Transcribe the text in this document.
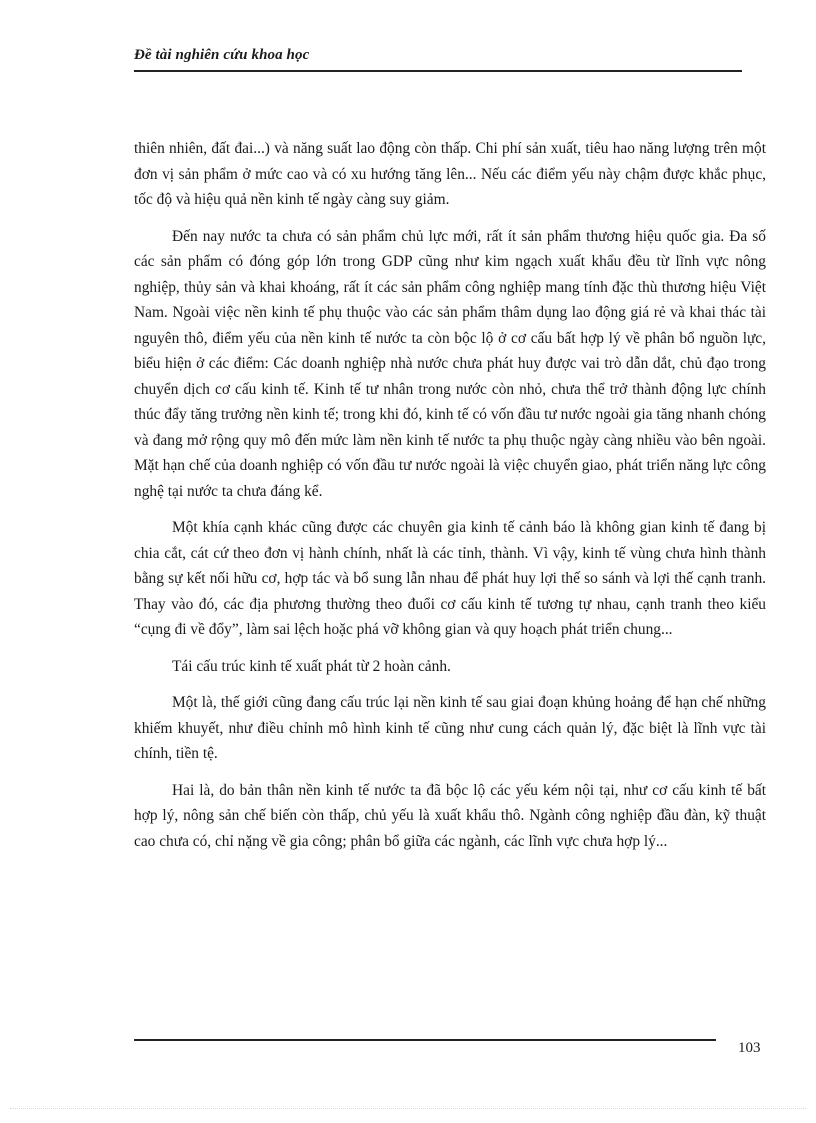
Đề tài nghiên cứu khoa học

thiên nhiên, đất đai...) và năng suất lao động còn thấp. Chi phí sản xuất, tiêu hao năng lượng trên một đơn vị sản phẩm ở mức cao và có xu hướng tăng lên... Nếu các điểm yếu này chậm được khắc phục, tốc độ và hiệu quả nền kinh tế ngày càng suy giảm.

Đến nay nước ta chưa có sản phẩm chủ lực mới, rất ít sản phẩm thương hiệu quốc gia. Đa số các sản phẩm có đóng góp lớn trong GDP cũng như kim ngạch xuất khẩu đều từ lĩnh vực nông nghiệp, thủy sản và khai khoáng, rất ít các sản phẩm công nghiệp mang tính đặc thù thương hiệu Việt Nam. Ngoài việc nền kinh tế phụ thuộc vào các sản phẩm thâm dụng lao động giá rẻ và khai thác tài nguyên thô, điểm yếu của nền kinh tế nước ta còn bộc lộ ở cơ cấu bất hợp lý về phân bổ nguồn lực, biểu hiện ở các điểm: Các doanh nghiệp nhà nước chưa phát huy được vai trò dẫn dắt, chủ đạo trong chuyển dịch cơ cấu kinh tế. Kinh tế tư nhân trong nước còn nhỏ, chưa thể trở thành động lực chính thúc đẩy tăng trưởng nền kinh tế; trong khi đó, kinh tế có vốn đầu tư nước ngoài gia tăng nhanh chóng và đang mở rộng quy mô đến mức làm nền kinh tế nước ta phụ thuộc ngày càng nhiều vào bên ngoài. Mặt hạn chế của doanh nghiệp có vốn đầu tư nước ngoài là việc chuyển giao, phát triển năng lực công nghệ tại nước ta chưa đáng kể.

Một khía cạnh khác cũng được các chuyên gia kinh tế cảnh báo là không gian kinh tế đang bị chia cắt, cát cứ theo đơn vị hành chính, nhất là các tỉnh, thành. Vì vậy, kinh tế vùng chưa hình thành bằng sự kết nối hữu cơ, hợp tác và bổ sung lẫn nhau để phát huy lợi thế so sánh và lợi thế cạnh tranh. Thay vào đó, các địa phương thường theo đuổi cơ cấu kinh tế tương tự nhau, cạnh tranh theo kiểu “cụng đi về đổy”, làm sai lệch hoặc phá vỡ không gian và quy hoạch phát triển chung...

Tái cấu trúc kinh tế xuất phát từ 2 hoàn cảnh.

Một là, thế giới cũng đang cấu trúc lại nền kinh tế sau giai đoạn khủng hoảng để hạn chế những khiếm khuyết, như điều chỉnh mô hình kinh tế cũng như cung cách quản lý, đặc biệt là lĩnh vực tài chính, tiền tệ.

Hai là, do bản thân nền kinh tế nước ta đã bộc lộ các yếu kém nội tại, như cơ cấu kinh tế bất hợp lý, nông sản chế biến còn thấp, chủ yếu là xuất khẩu thô. Ngành công nghiệp đầu đàn, kỹ thuật cao chưa có, chỉ nặng về gia công; phân bổ giữa các ngành, các lĩnh vực chưa hợp lý...

103
